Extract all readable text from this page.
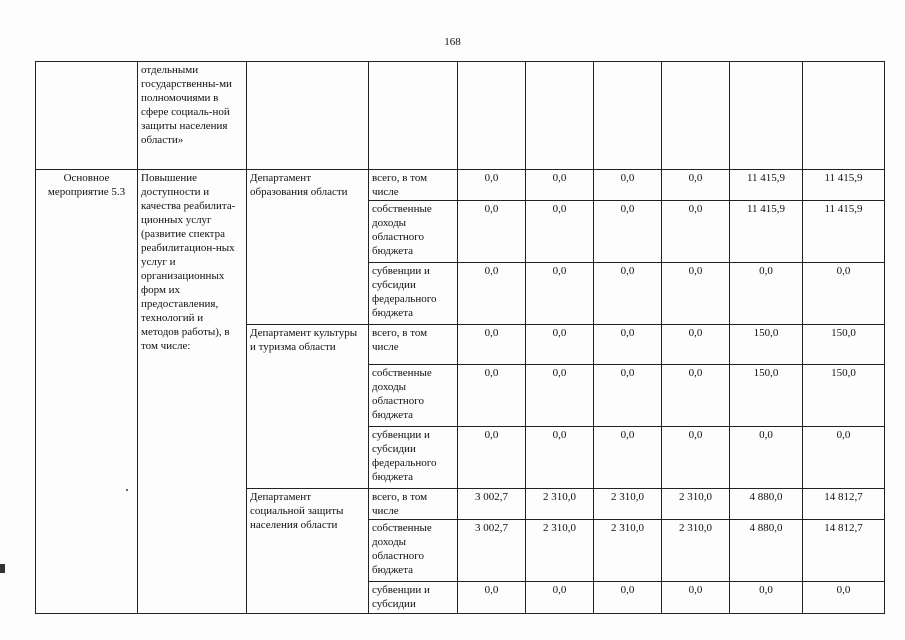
168
	отдельными государственны-ми полномочиями в сфере социаль-ной защиты населения области»								
Основное мероприятие 5.3	Повышение доступности и качества реабилита-ционных услуг (развитие спектра реабилитацион-ных услуг и организационных форм их предоставления, технологий и методов работы), в том числе:	Департамент образования области	всего, в том числе	0,0	0,0	0,0	0,0	11 415,9	11 415,9
			собственные доходы областного бюджета	0,0	0,0	0,0	0,0	11 415,9	11 415,9
			субвенции и субсидии федерального бюджета	0,0	0,0	0,0	0,0	0,0	0,0
		Департамент культуры и туризма области	всего, в том числе	0,0	0,0	0,0	0,0	150,0	150,0
			собственные доходы областного бюджета	0,0	0,0	0,0	0,0	150,0	150,0
			субвенции и субсидии федерального бюджета	0,0	0,0	0,0	0,0	0,0	0,0
		Департамент социальной защиты населения области	всего, в том числе	3 002,7	2 310,0	2 310,0	2 310,0	4 880,0	14 812,7
			собственные доходы областного бюджета	3 002,7	2 310,0	2 310,0	2 310,0	4 880,0	14 812,7
			субвенции и субсидии	0,0	0,0	0,0	0,0	0,0	0,0
